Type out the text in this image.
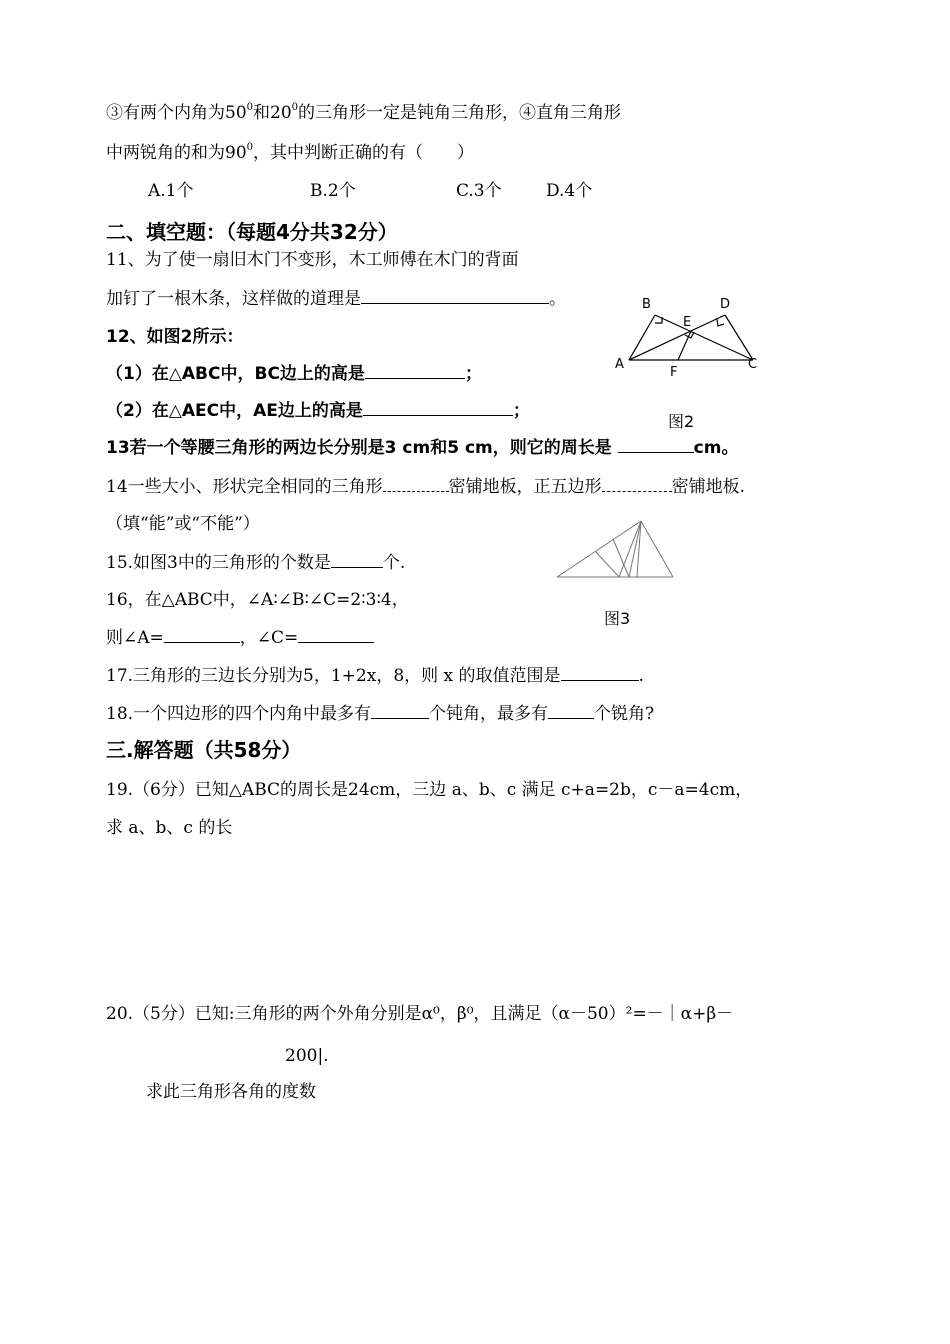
③有两个内角为$50^0$和$20^0$的三角形一定是钝角三角形，④直角三角形
中两锐角的和为$90^0$，其中判断正确的有（　　）
A.1个	B.2个	C.3个	D.4个
二、填空题：（每题4分共32分）
11、为了使一扇旧木门不变形，木工师傅在木门的背面
加钉了一根木条，这样做的道理是	。
12、如图2所示：
（1）在△ABC中，BC边上的高是	；
（2）在△AEC中，AE边上的高是	；
B	D
E
A	C
F
图2
13若一个等腰三角形的两边长分别是3 cm和5 cm，则它的周长是	cm。
14一些大小、形状完全相同的三角形	密铺地板，正五边形	密铺地板.
（填“能”或“不能”）
15.如图3中的三角形的个数是	个.
图3
16，在△ABC中，∠A∶∠B∶∠C=2∶3∶4，
则∠A=	，∠C=
17.三角形的三边长分别为5，1+2x，8，则 x 的取值范围是	.
18.一个四边形的四个内角中最多有	个钝角，最多有	个锐角?
三.解答题（共58分）
19.（6分）已知△ABC的周长是24cm，三边 a、b、c 满足 c+a=2b，c－a=4cm，
求 a、b、c 的长
20.（5分）已知:三角形的两个外角分别是α⁰，β⁰，且满足（α－50）²=－｜α+β－
200|.
求此三角形各角的度数
